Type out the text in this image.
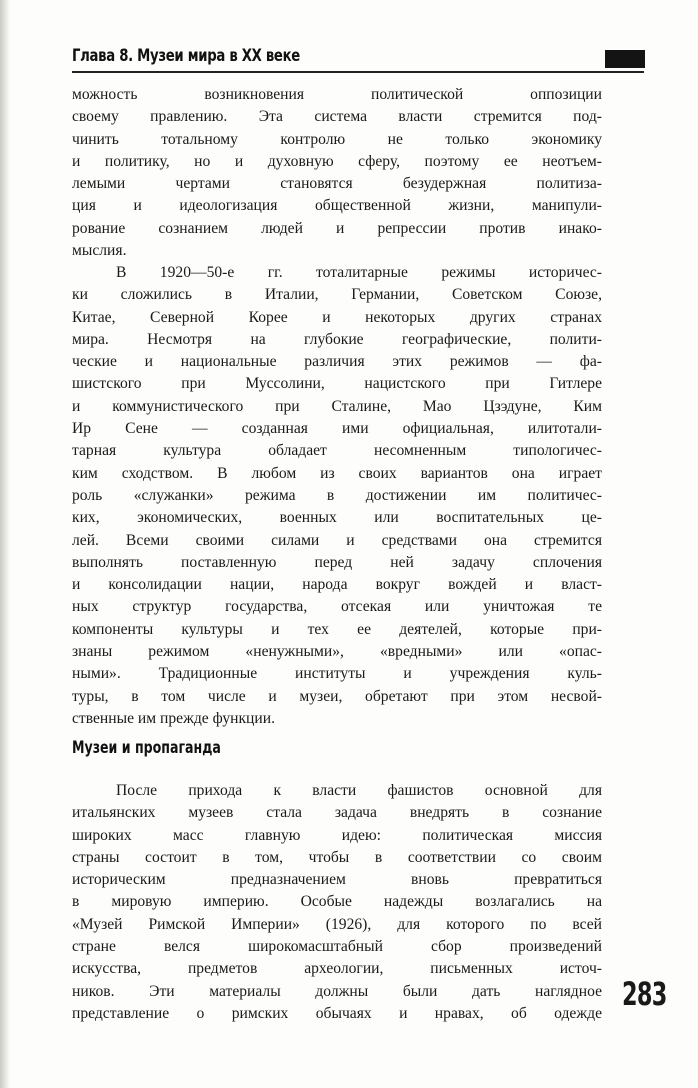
Глава 8. Музеи мира в XX веке
можность возникновения политической оппозиции
своему правлению. Эта система власти стремится под-
чинить тотальному контролю не только экономику
и политику, но и духовную сферу, поэтому ее неотъем-
лемыми чертами становятся безудержная политиза-
ция и идеологизация общественной жизни, манипули-
рование сознанием людей и репрессии против инако-
мыслия.
В 1920—50-е гг. тоталитарные режимы историчес-
ки сложились в Италии, Германии, Советском Союзе,
Китае, Северной Корее и некоторых других странах
мира. Несмотря на глубокие географические, полити-
ческие и национальные различия этих режимов — фа-
шистского при Муссолини, нацистского при Гитлере
и коммунистического при Сталине, Мао Цзэдуне, Ким
Ир Сене — созданная ими официальная, илитотали-
тарная культура обладает несомненным типологичес-
ким сходством. В любом из своих вариантов она играет
роль «служанки» режима в достижении им политичес-
ких, экономических, военных или воспитательных це-
лей. Всеми своими силами и средствами она стремится
выполнять поставленную перед ней задачу сплочения
и консолидации нации, народа вокруг вождей и власт-
ных структур государства, отсекая или уничтожая те
компоненты культуры и тех ее деятелей, которые при-
знаны режимом «ненужными», «вредными» или «опас-
ными». Традиционные институты и учреждения куль-
туры, в том числе и музеи, обретают при этом несвой-
ственные им прежде функции.
Музеи и пропаганда
После прихода к власти фашистов основной для
итальянских музеев стала задача внедрять в сознание
широких масс главную идею: политическая миссия
страны состоит в том, чтобы в соответствии со своим
историческим предназначением вновь превратиться
в мировую империю. Особые надежды возлагались на
«Музей Римской Империи» (1926), для которого по всей
стране велся широкомасштабный сбор произведений
искусства, предметов археологии, письменных источ-
ников. Эти материалы должны были дать наглядное
представление о римских обычаях и нравах, об одежде
283
